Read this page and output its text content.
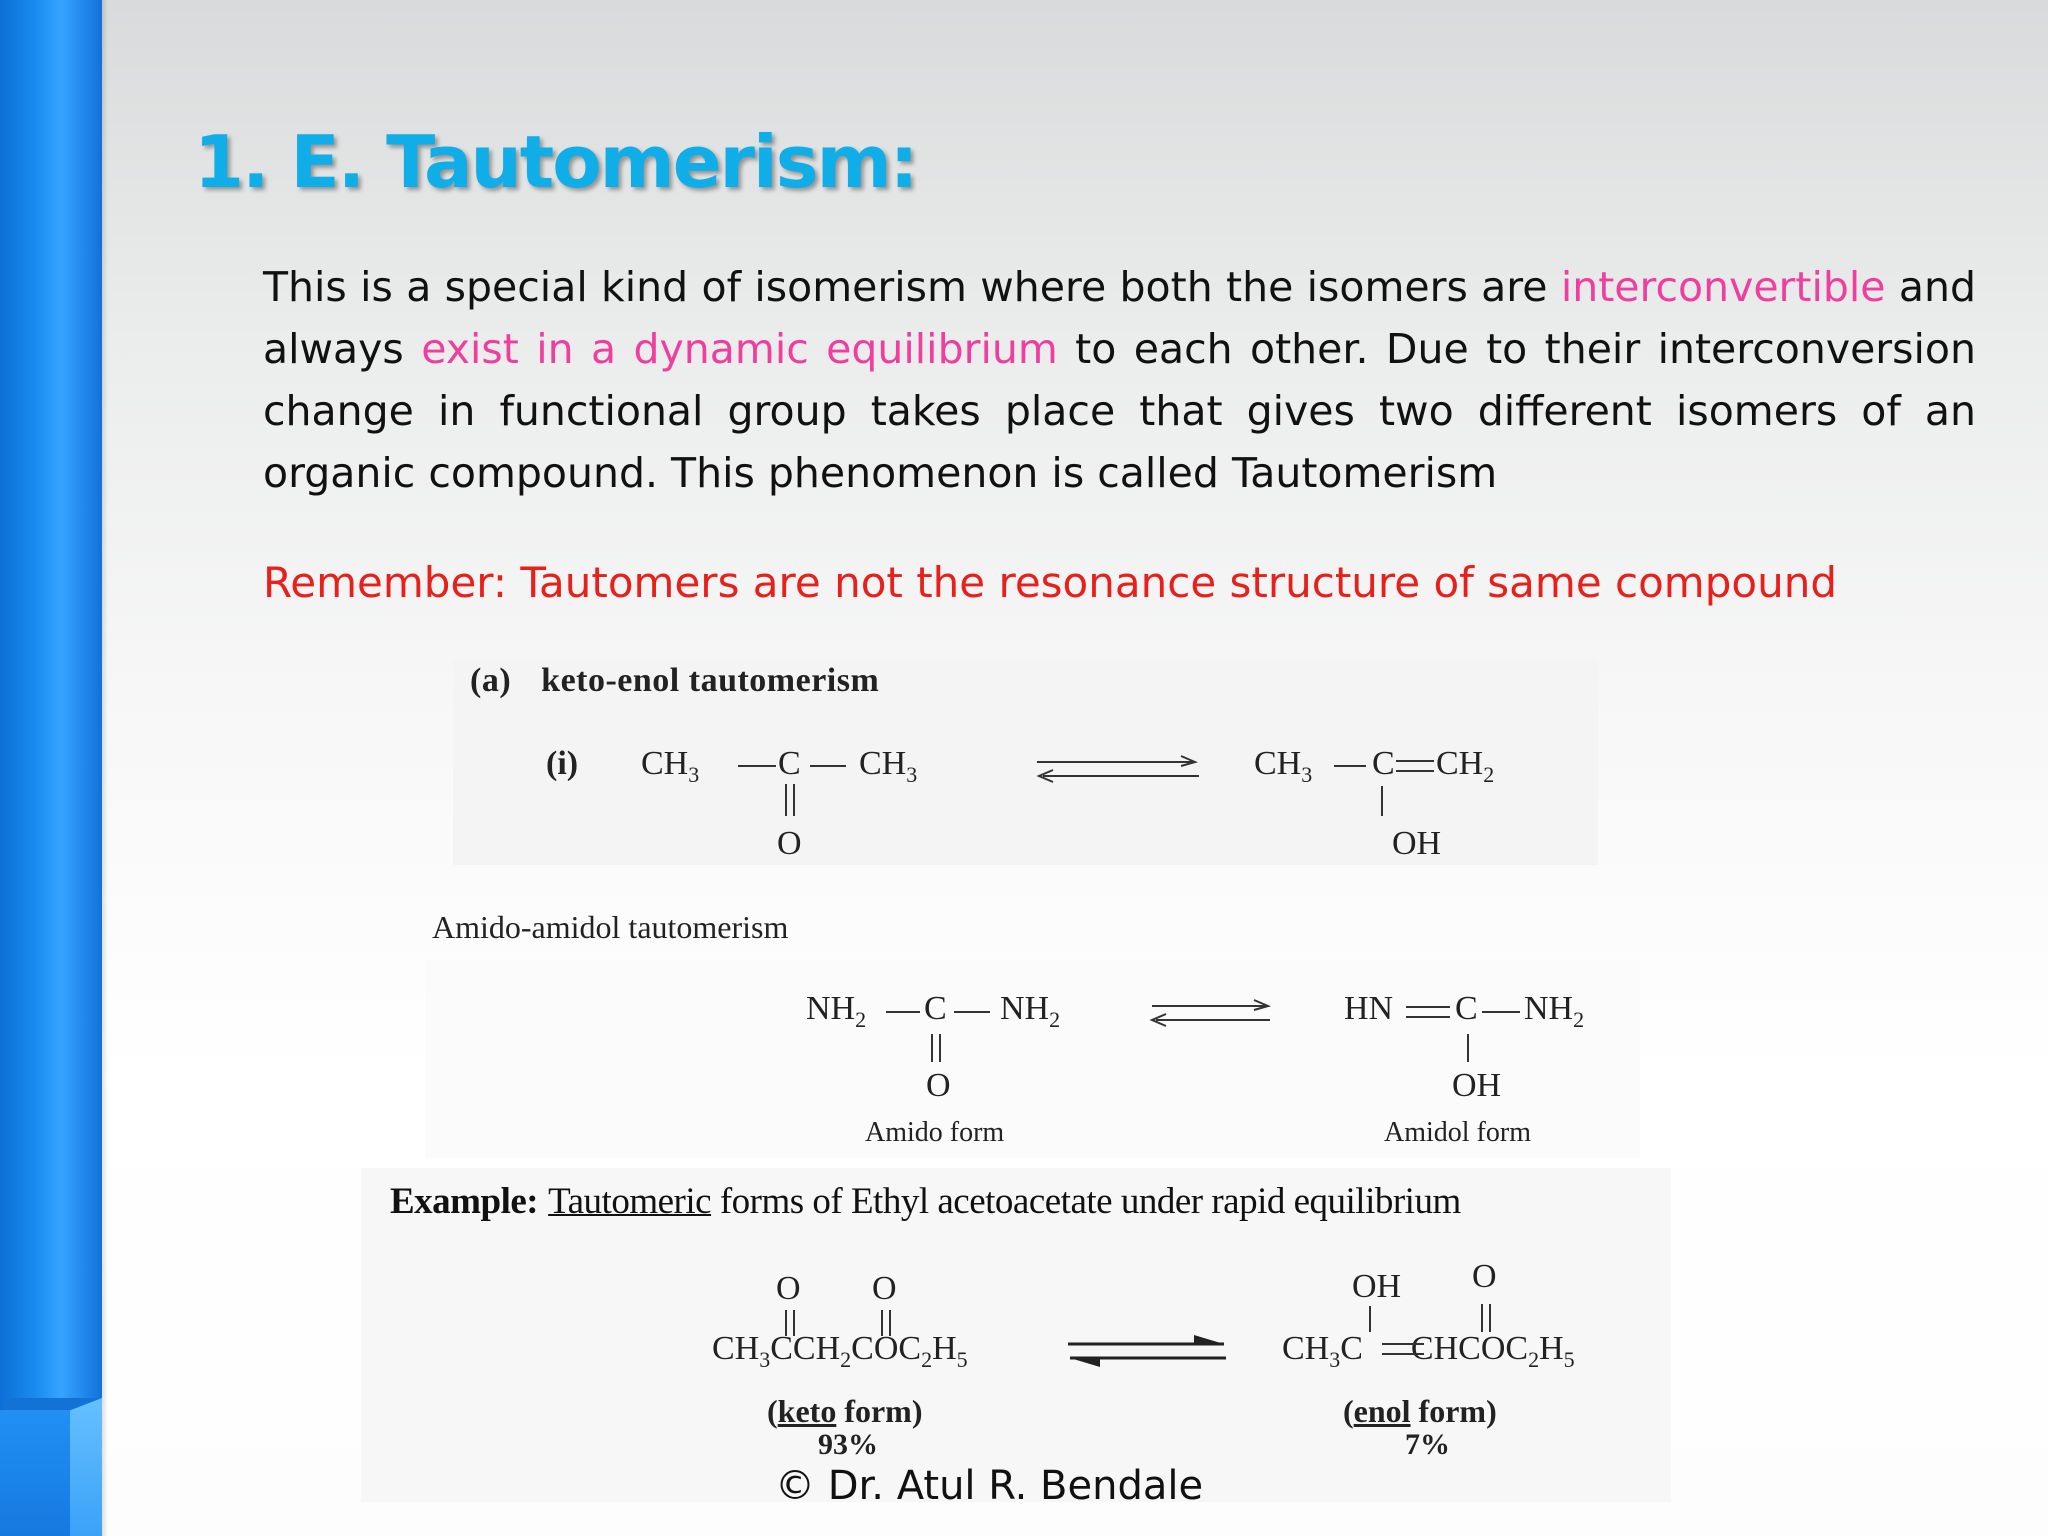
1. E. Tautomerism:

This is a special kind of isomerism where both the isomers are interconvertible and always exist in a dynamic equilibrium to each other. Due to their interconversion change in functional group takes place that gives two different isomers of an organic compound. This phenomenon is called Tautomerism

Remember: Tautomers are not the resonance structure of same compound

(a) keto-enol tautomerism
(i) $CH_3$ C $CH_3$
O
$CH_3$ C $CH_2$
OH
Amido-amidol tautomerism
$NH_2$ C $NH_2$
O
Amido form
HN C $NH_2$
OH
Amidol form
Example: Tautomeric forms of Ethyl acetoacetate under rapid equilibrium
O O
$CH_3CCH_2COC_2H_5$
(keto form)
93%
OH O
$CH_3C$ $CHCOC_2H_5$
(enol form)
7%

© Dr. Atul R. Bendale
